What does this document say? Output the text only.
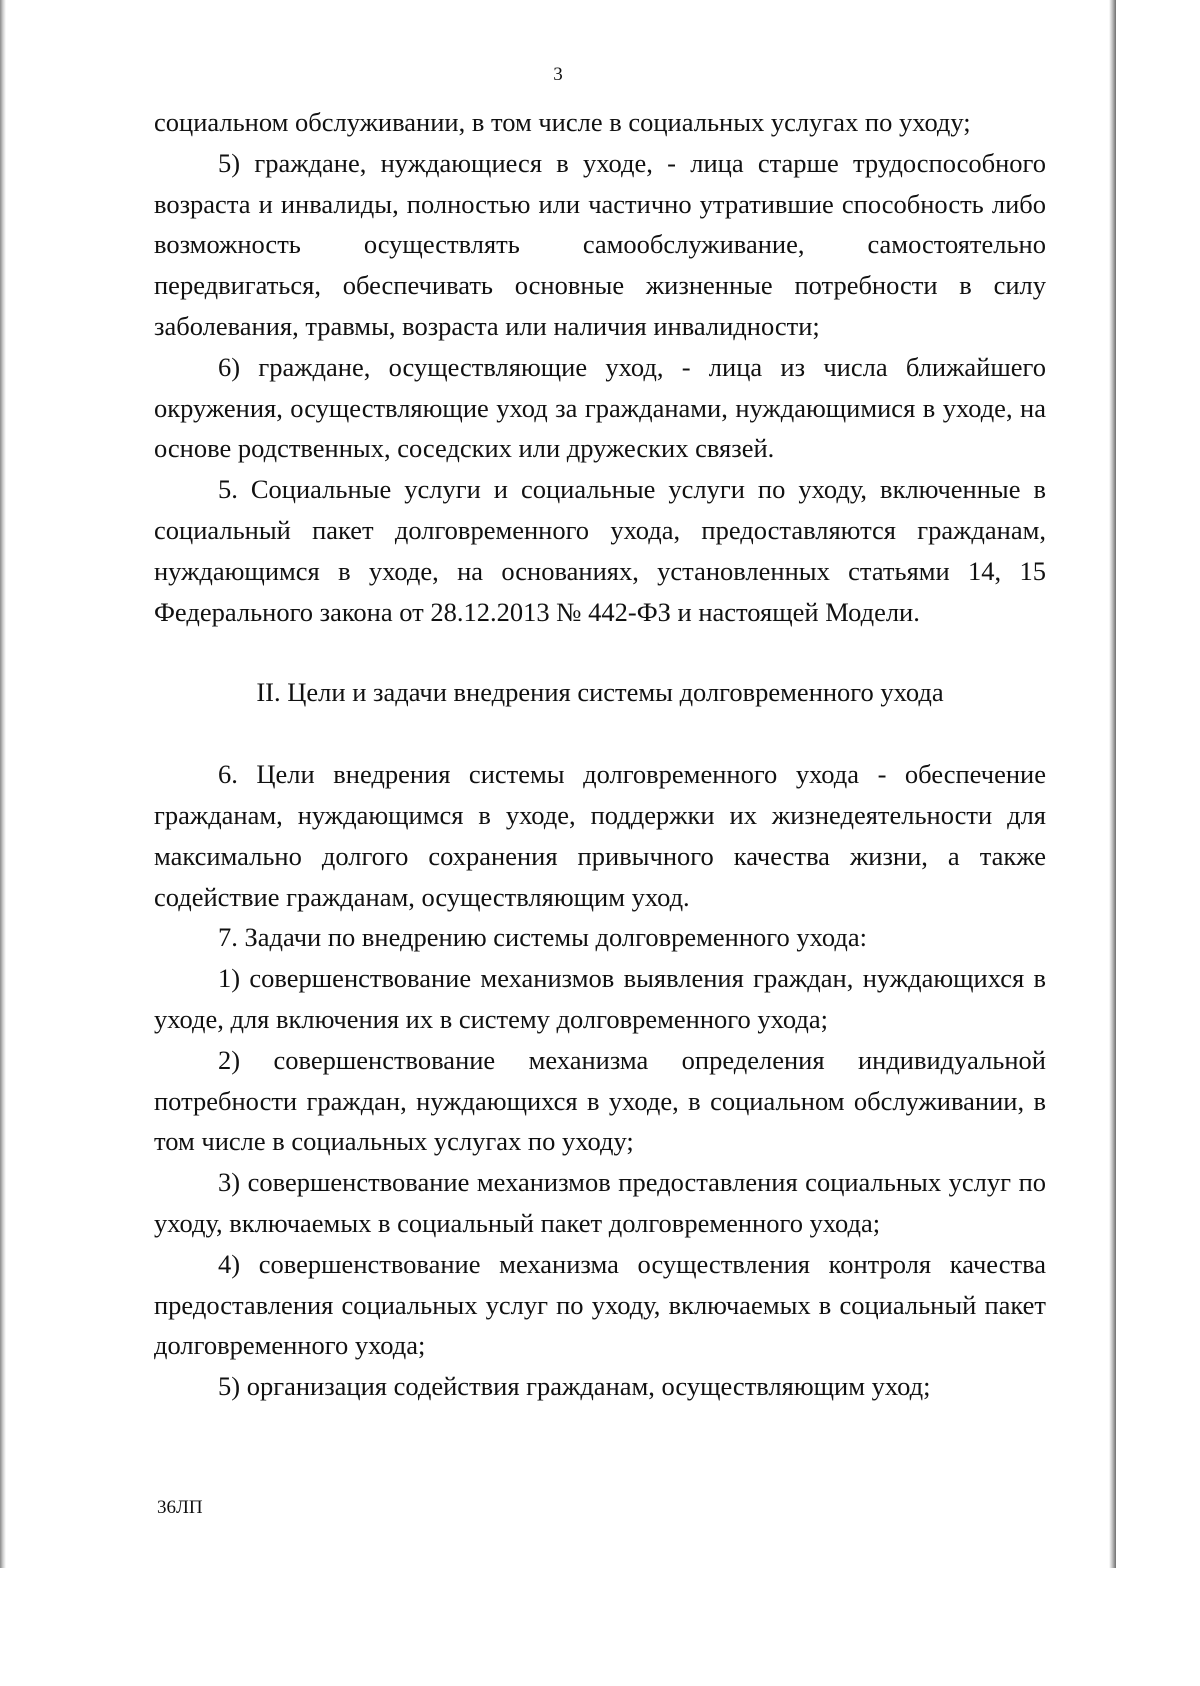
3

социальном обслуживании, в том числе в социальных услугах по уходу;

5) граждане, нуждающиеся в уходе, - лица старше трудоспособного возраста и инвалиды, полностью или частично утратившие способность либо возможность осуществлять самообслуживание, самостоятельно передвигаться, обеспечивать основные жизненные потребности в силу заболевания, травмы, возраста или наличия инвалидности;

6) граждане, осуществляющие уход, - лица из числа ближайшего окружения, осуществляющие уход за гражданами, нуждающимися в уходе, на основе родственных, соседских или дружеских связей.

5. Социальные услуги и социальные услуги по уходу, включенные в социальный пакет долговременного ухода, предоставляются гражданам, нуждающимся в уходе, на основаниях, установленных статьями 14, 15 Федерального закона от 28.12.2013 № 442-ФЗ и настоящей Модели.

II. Цели и задачи внедрения системы долговременного ухода

6. Цели внедрения системы долговременного ухода - обеспечение гражданам, нуждающимся в уходе, поддержки их жизнедеятельности для максимально долгого сохранения привычного качества жизни, а также содействие гражданам, осуществляющим уход.

7. Задачи по внедрению системы долговременного ухода:

1) совершенствование механизмов выявления граждан, нуждающихся в уходе, для включения их в систему долговременного ухода;

2) совершенствование механизма определения индивидуальной потребности граждан, нуждающихся в уходе, в социальном обслуживании, в том числе в социальных услугах по уходу;

3) совершенствование механизмов предоставления социальных услуг по уходу, включаемых в социальный пакет долговременного ухода;

4) совершенствование механизма осуществления контроля качества предоставления социальных услуг по уходу, включаемых в социальный пакет долговременного ухода;

5) организация содействия гражданам, осуществляющим уход;

36ЛП
